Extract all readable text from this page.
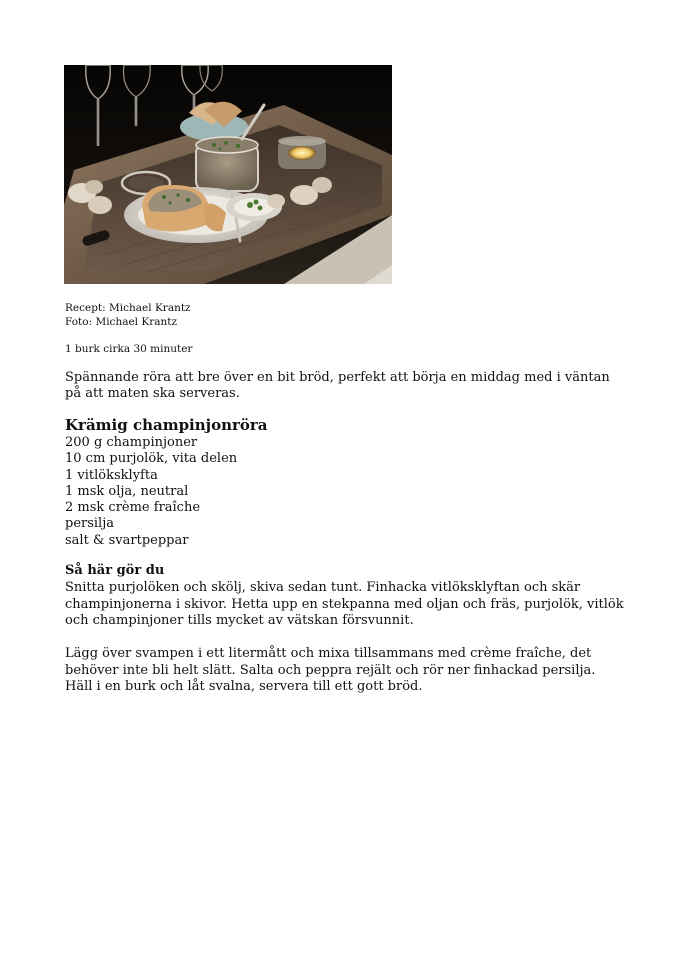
Recept: Michael Krantz
Foto: Michael Krantz
1 burk cirka 30 minuter
Spännande röra att bre över en bit bröd, perfekt att börja en middag med i väntan på att maten ska serveras.
Krämig champinjonröra
200 g champinjoner
10 cm purjolök, vita delen
1 vitlöksklyfta
1 msk olja, neutral
2 msk crème fraîche
persilja
salt & svartpeppar
Så här gör du

Snitta purjolöken och skölj, skiva sedan tunt. Finhacka vitlöksklyftan och skär champinjonerna i skivor. Hetta upp en stekpanna med oljan och fräs, purjolök, vitlök och champinjoner tills mycket av vätskan försvunnit.

Lägg över svampen i ett litermått och mixa tillsammans med crème fraîche, det behöver inte bli helt slätt. Salta och peppra rejält och rör ner finhackad persilja. Häll i en burk och låt svalna, servera till ett gott bröd.
